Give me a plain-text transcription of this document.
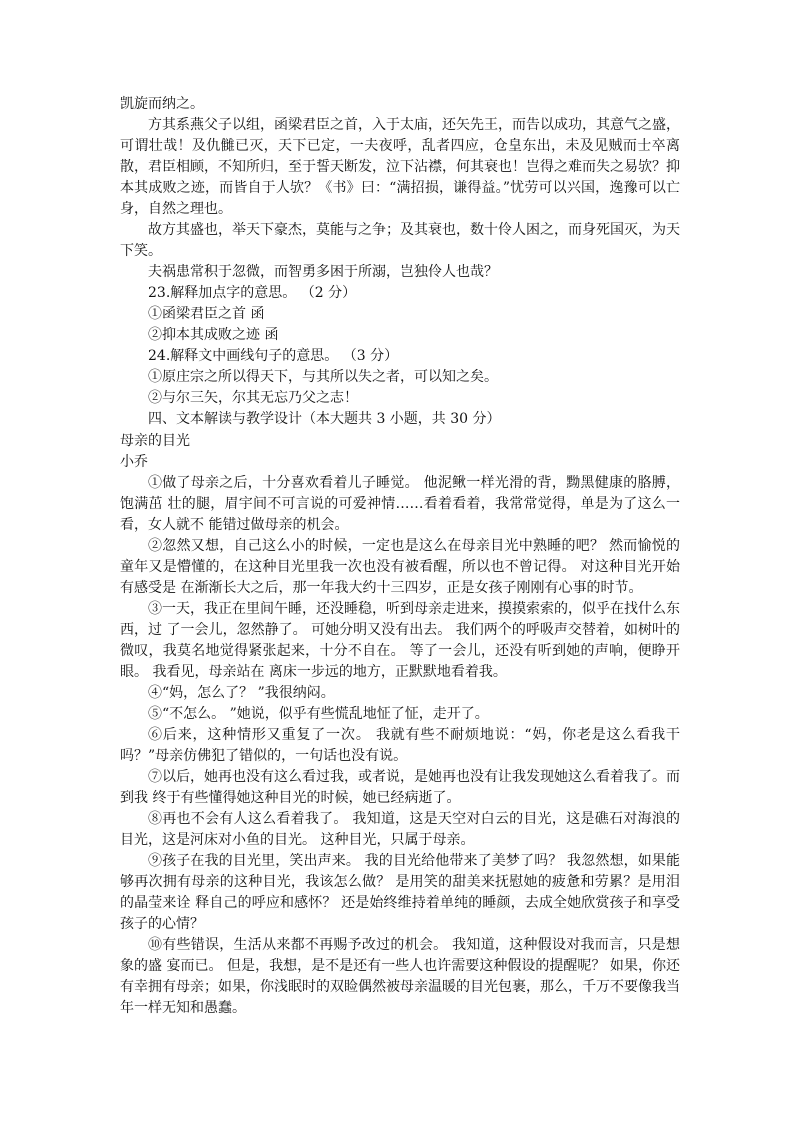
凯旋而纳之。

方其系燕父子以组，函梁君臣之首，入于太庙，还矢先王，而告以成功，其意气之盛，可谓壮哉！及仇雠已灭，天下已定，一夫夜呼，乱者四应，仓皇东出，未及见贼而士卒离散，君臣相顾，不知所归，至于誓天断发，泣下沾襟，何其衰也！岂得之难而失之易欤？抑本其成败之迹，而皆自于人欤？《书》曰：“满招损，谦得益。”忧劳可以兴国，逸豫可以亡身，自然之理也。

故方其盛也，举天下豪杰，莫能与之争；及其衰也，数十伶人困之，而身死国灭，为天下笑。

夫祸患常积于忽微，而智勇多困于所溺，岂独伶人也哉？

23.解释加点字的意思。 （2 分）

①函梁君臣之首 函

②抑本其成败之迹 函

24.解释文中画线句子的意思。 （3 分）

①原庄宗之所以得天下，与其所以失之者，可以知之矣。

②与尔三矢，尔其无忘乃父之志！

四、文本解读与教学设计（本大题共 3 小题，共 30 分）

母亲的目光

小乔

①做了母亲之后，十分喜欢看着儿子睡觉。 他泥鳅一样光滑的背，黝黑健康的胳膊，饱满茁 壮的腿，眉宇间不可言说的可爱神情……看着看着，我常常觉得，单是为了这么一看，女人就不 能错过做母亲的机会。

②忽然又想，自己这么小的时候，一定也是这么在母亲目光中熟睡的吧？ 然而愉悦的童年又是懵懂的，在这种目光里我一次也没有被看醒，所以也不曾记得。 对这种目光开始有感受是 在渐渐长大之后，那一年我大约十三四岁，正是女孩子刚刚有心事的时节。

③一天，我正在里间午睡，还没睡稳，听到母亲走进来，摸摸索索的，似乎在找什么东西，过 了一会儿，忽然静了。 可她分明又没有出去。 我们两个的呼吸声交替着，如树叶的微叹，我莫名地觉得紧张起来，十分不自在。 等了一会儿，还没有听到她的声响，便睁开眼。 我看见，母亲站在 离床一步远的地方，正默默地看着我。

④“妈，怎么了？ ”我很纳闷。

⑤“不怎么。 ”她说，似乎有些慌乱地怔了怔，走开了。

⑥后来，这种情形又重复了一次。 我就有些不耐烦地说：“妈，你老是这么看我干吗？”母亲仿佛犯了错似的，一句话也没有说。

⑦以后，她再也没有这么看过我，或者说，是她再也没有让我发现她这么看着我了。而到我 终于有些懂得她这种目光的时候，她已经病逝了。

⑧再也不会有人这么看着我了。 我知道，这是天空对白云的目光，这是礁石对海浪的目光，这是河床对小鱼的目光。 这种目光，只属于母亲。

⑨孩子在我的目光里，笑出声来。 我的目光给他带来了美梦了吗？ 我忽然想，如果能够再次拥有母亲的这种目光，我该怎么做？ 是用笑的甜美来抚慰她的疲惫和劳累？是用泪的晶莹来诠 释自己的呼应和感怀？ 还是始终维持着单纯的睡颜，去成全她欣赏孩子和享受孩子的心情？

⑩有些错误，生活从来都不再赐予改过的机会。 我知道，这种假设对我而言，只是想象的盛 宴而已。 但是，我想，是不是还有一些人也许需要这种假设的提醒呢？ 如果，你还有幸拥有母亲；如果，你浅眠时的双睑偶然被母亲温暖的目光包裹，那么，千万不要像我当年一样无知和愚蠢。
